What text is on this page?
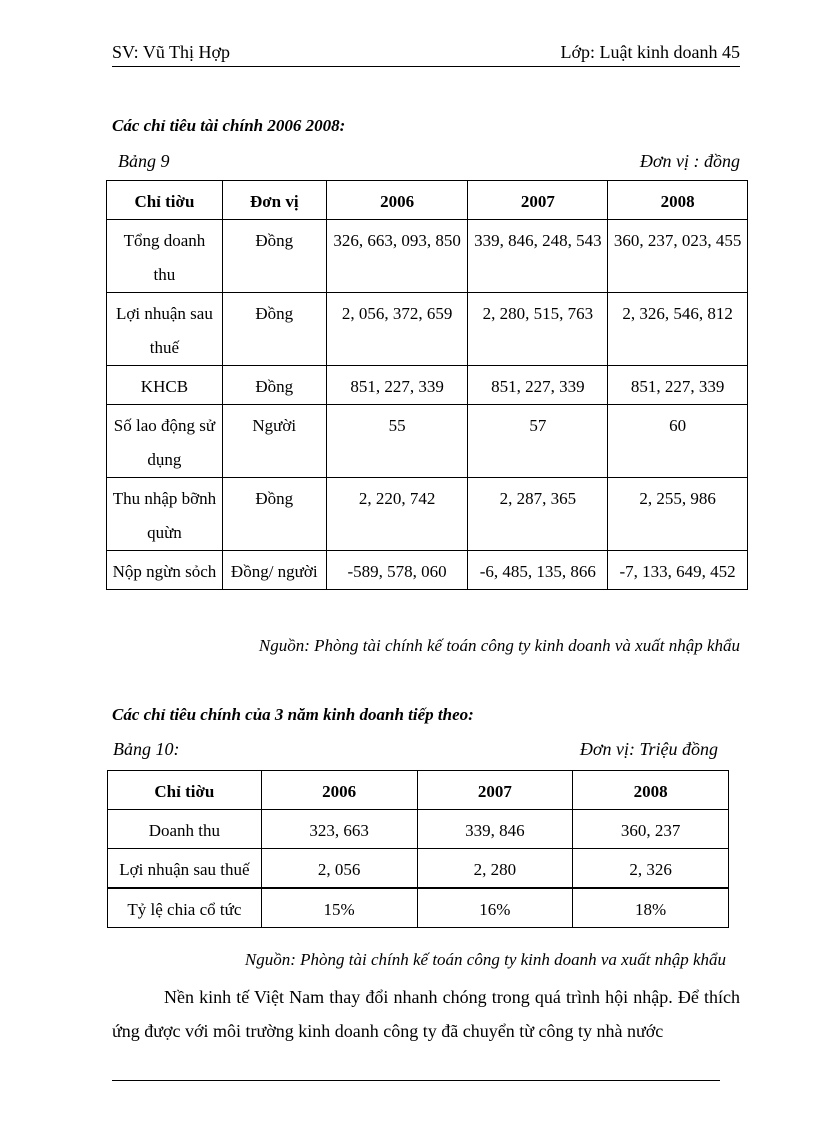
SV: Vũ Thị Hợp	Lớp: Luật kinh doanh 45
Các chỉ tiêu tài chính 2006 2008:
Bảng 9	Đơn vị : đồng
Chỉ tiờu	Đơn vị	2006	2007	2008
Tổng doanh thu	Đồng	326, 663, 093, 850	339, 846, 248, 543	360, 237, 023, 455
Lợi nhuận sau thuế	Đồng	2, 056, 372, 659	2, 280, 515, 763	2, 326, 546, 812
KHCB	Đồng	851, 227, 339	851, 227, 339	851, 227, 339
Số lao động sử dụng	Người	55	57	60
Thu nhập bỡnh quừn	Đồng	2, 220, 742	2, 287, 365	2, 255, 986
Nộp ngừn sỏch	Đồng/ người	-589, 578, 060	-6, 485, 135, 866	-7, 133, 649, 452
Nguồn: Phòng tài chính kế toán công ty kinh doanh và xuất nhập khẩu
Các chỉ tiêu chính của 3 năm kinh doanh tiếp theo:
Bảng 10:	Đơn vị: Triệu đồng
Chỉ tiờu	2006	2007	2008
Doanh thu	323, 663	339, 846	360, 237
Lợi nhuận sau thuế	2, 056	2, 280	2, 326
Tỷ lệ chia cổ tức	15%	16%	18%
Nguồn: Phòng tài chính kế toán công ty kinh doanh va xuất nhập khẩu
Nền kinh tế Việt Nam thay đổi nhanh chóng trong quá trình hội nhập. Để thích ứng được với môi trường kinh doanh công ty đã chuyển từ công ty nhà nước
